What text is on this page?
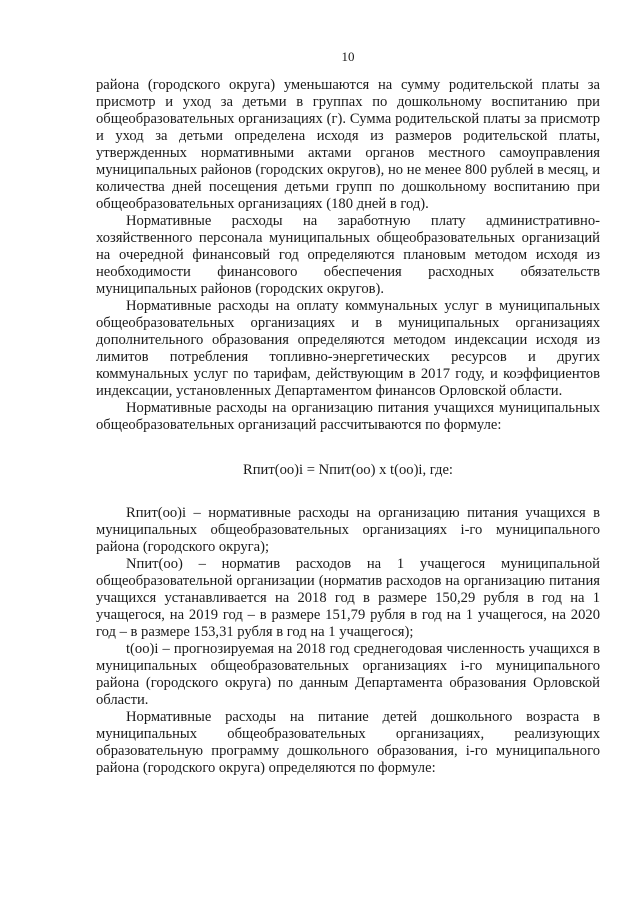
10

района (городского округа) уменьшаются на сумму родительской платы за присмотр и уход за детьми в группах по дошкольному воспитанию при общеобразовательных организациях (г). Сумма родительской платы за присмотр и уход за детьми определена исходя из размеров родительской платы, утвержденных нормативными актами органов местного самоуправления муниципальных районов (городских округов), но не менее 800 рублей в месяц, и количества дней посещения детьми групп по дошкольному воспитанию при общеобразовательных организациях (180 дней в год).

Нормативные расходы на заработную плату административно-хозяйственного персонала муниципальных общеобразовательных организаций на очередной финансовый год определяются плановым методом исходя из необходимости финансового обеспечения расходных обязательств муниципальных районов (городских округов).

Нормативные расходы на оплату коммунальных услуг в муниципальных общеобразовательных организациях и в муниципальных организациях дополнительного образования определяются методом индексации исходя из лимитов потребления топливно-энергетических ресурсов и других коммунальных услуг по тарифам, действующим в 2017 году, и коэффициентов индексации, установленных Департаментом финансов Орловской области.

Нормативные расходы на организацию питания учащихся муниципальных общеобразовательных организаций рассчитываются по формуле:

Rпит(оо)i = Nпит(оо) x t(оо)i, где:

Rпит(оо)i – нормативные расходы на организацию питания учащихся в муниципальных общеобразовательных организациях i-го муниципального района (городского округа);

Nпит(оо) – норматив расходов на 1 учащегося муниципальной общеобразовательной организации (норматив расходов на организацию питания учащихся устанавливается на 2018 год в размере 150,29 рубля в год на 1 учащегося, на 2019 год – в размере 151,79 рубля в год на 1 учащегося, на 2020 год – в размере 153,31 рубля в год на 1 учащегося);

t(оо)i – прогнозируемая на 2018 год среднегодовая численность учащихся в муниципальных общеобразовательных организациях i-го муниципального района (городского округа) по данным Департамента образования Орловской области.

Нормативные расходы на питание детей дошкольного возраста в муниципальных общеобразовательных организациях, реализующих образовательную программу дошкольного образования, i-го муниципального района (городского округа) определяются по формуле:
